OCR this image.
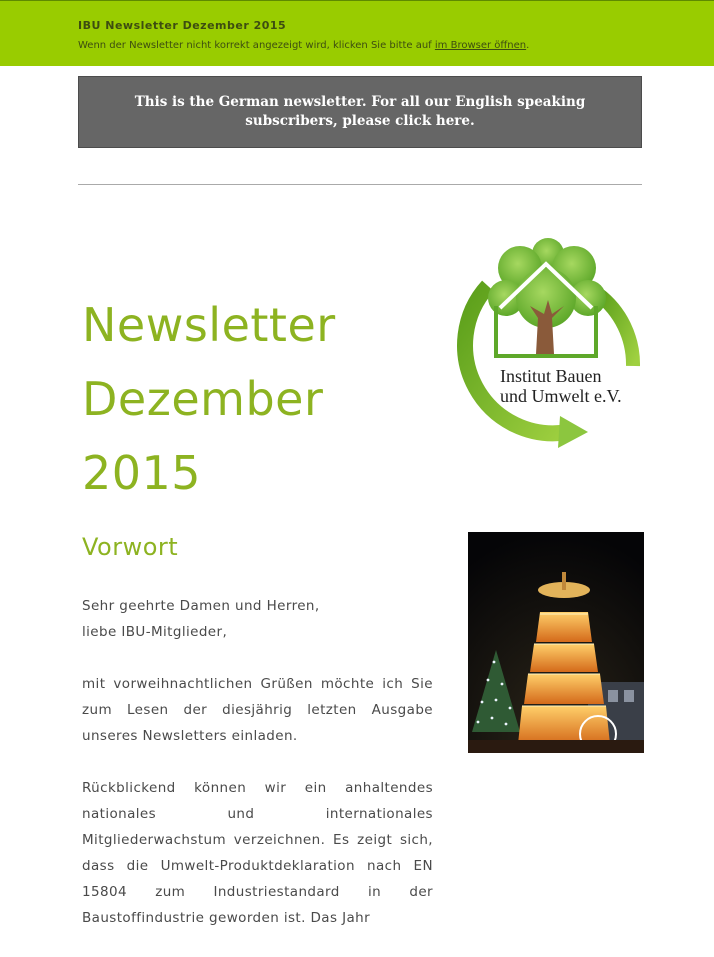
IBU Newsletter Dezember 2015
Wenn der Newsletter nicht korrekt angezeigt wird, klicken Sie bitte auf im Browser öffnen.
This is the German newsletter. For all our English speaking subscribers, please click here.
Newsletter
Dezember
2015
Institut Bauen
und Umwelt e.V.
Vorwort

Sehr geehrte Damen und Herren,
liebe IBU-Mitglieder,

mit vorweihnachtlichen Grüßen möchte ich Sie zum Lesen der diesjährig letzten Ausgabe unseres Newsletters einladen.

Rückblickend können wir ein anhaltendes nationales und internationales Mitgliederwachstum verzeichnen. Es zeigt sich, dass die Umwelt-Produktdeklaration nach EN 15804 zum Industriestandard in der Baustoffindustrie geworden ist. Das Jahr
